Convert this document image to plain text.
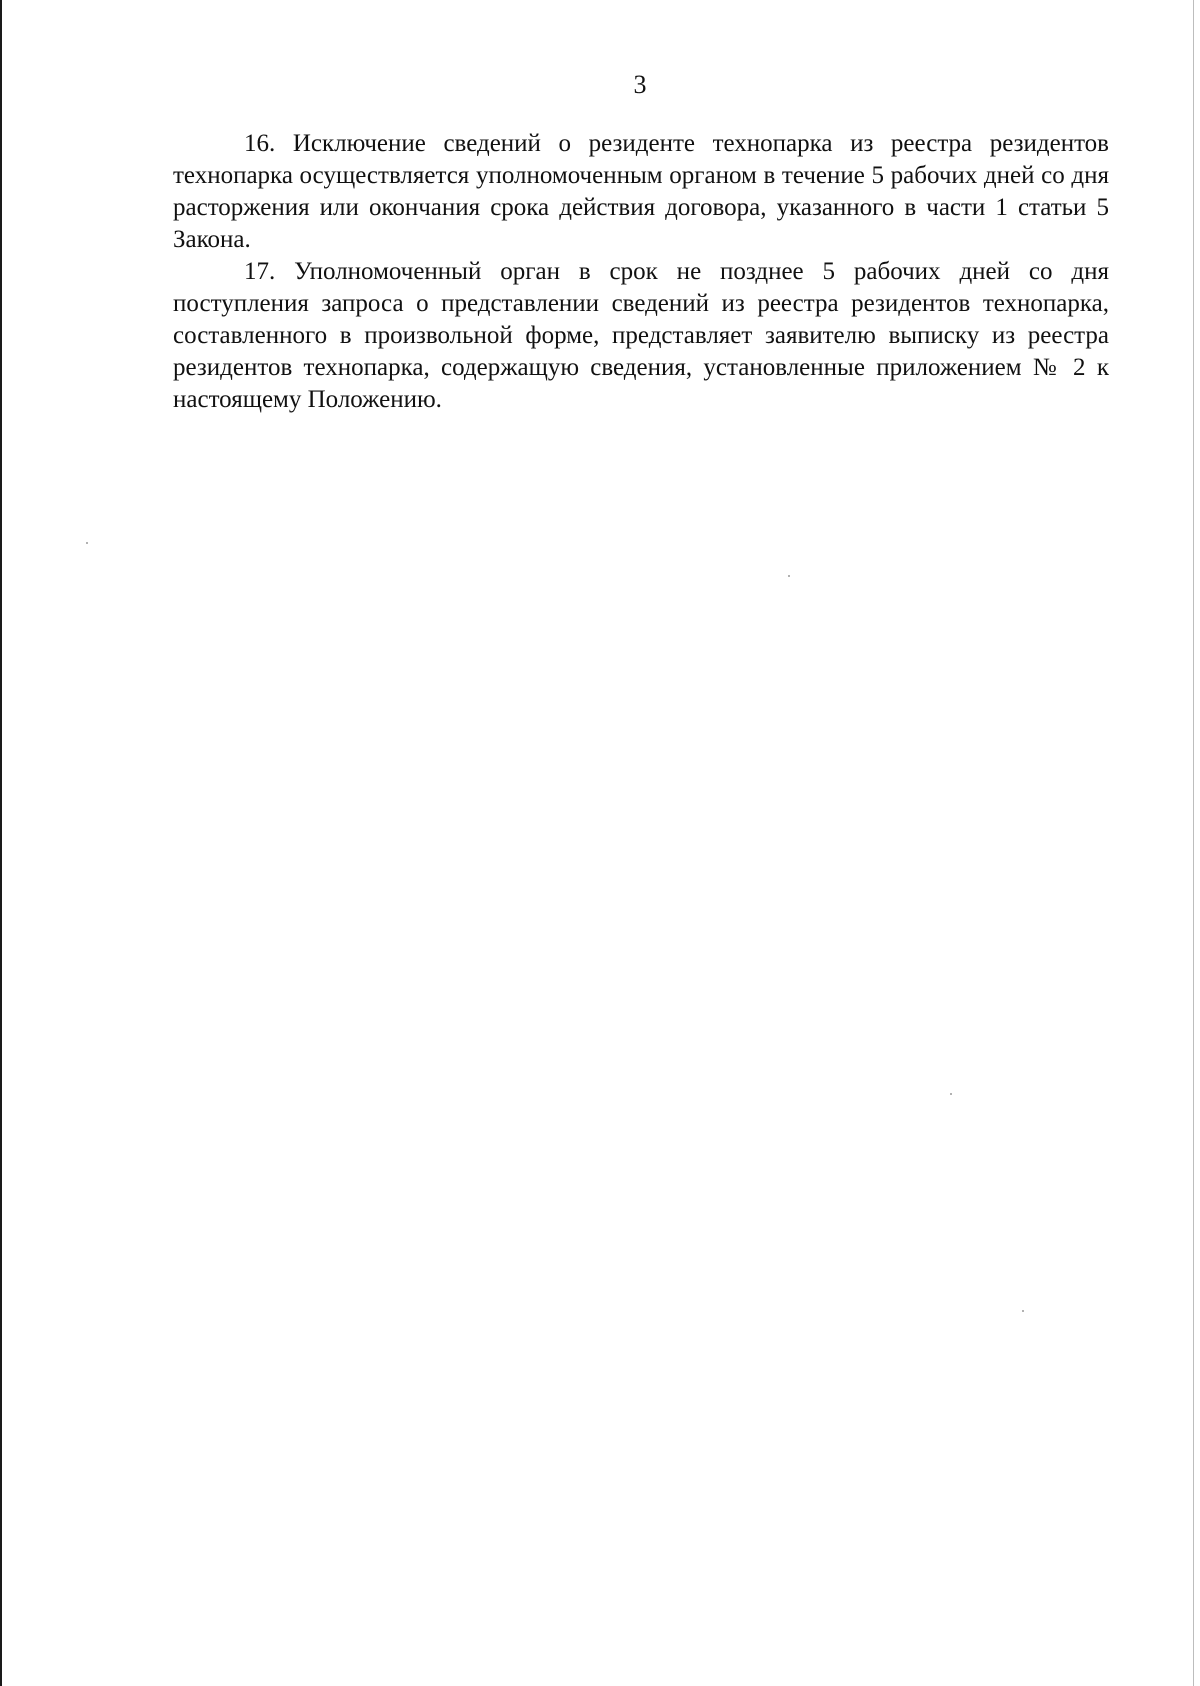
3

16. Исключение сведений о резиденте технопарка из реестра резидентов технопарка осуществляется уполномоченным органом в течение 5 рабочих дней со дня расторжения или окончания срока действия договора, указанного в части 1 статьи 5 Закона.

17. Уполномоченный орган в срок не позднее 5 рабочих дней со дня поступления запроса о представлении сведений из реестра резидентов технопарка, составленного в произвольной форме, представляет заявителю выписку из реестра резидентов технопарка, содержащую сведения, установленные приложением № 2 к настоящему Положению.
